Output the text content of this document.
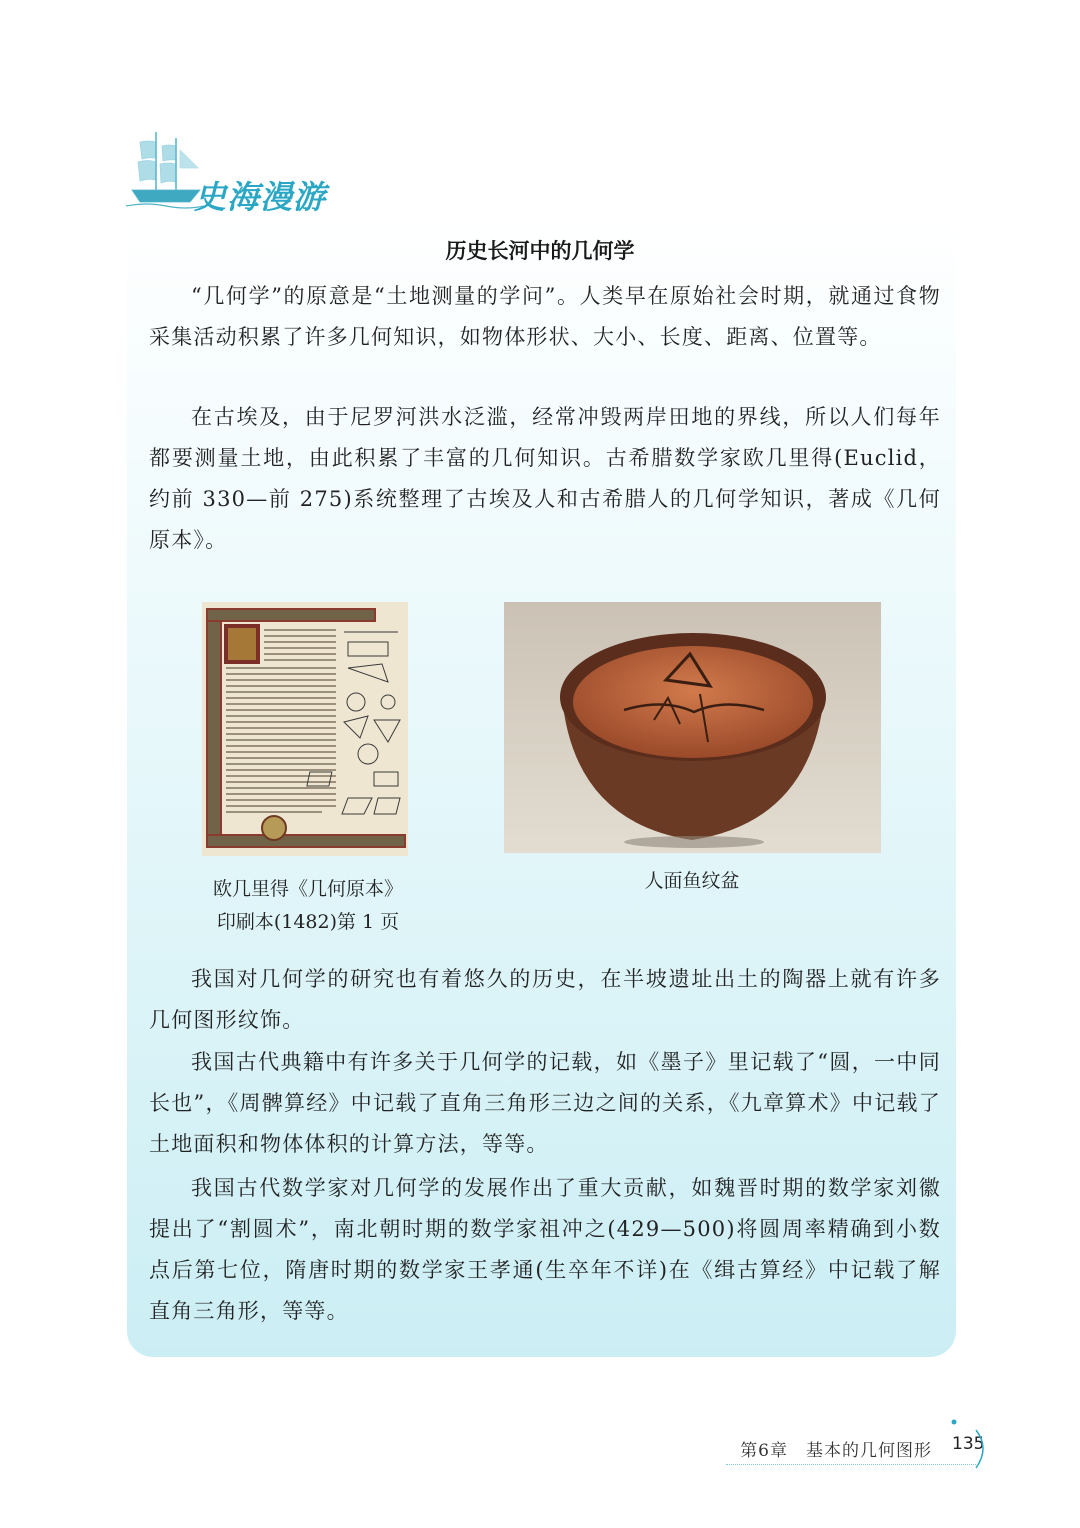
史海漫游
历史长河中的几何学

“几何学”的原意是“土地测量的学问”。人类早在原始社会时期，就通过食物采集活动积累了许多几何知识，如物体形状、大小、长度、距离、位置等。

在古埃及，由于尼罗河洪水泛滥，经常冲毁两岸田地的界线，所以人们每年都要测量土地，由此积累了丰富的几何知识。古希腊数学家欧几里得(Euclid，约前 330—前 275)系统整理了古埃及人和古希腊人的几何学知识，著成《几何原本》。

欧几里得《几何原本》
印刷本(1482)第 1 页
人面鱼纹盆

我国对几何学的研究也有着悠久的历史，在半坡遗址出土的陶器上就有许多几何图形纹饰。

我国古代典籍中有许多关于几何学的记载，如《墨子》里记载了“圆，一中同长也”，《周髀算经》中记载了直角三角形三边之间的关系，《九章算术》中记载了土地面积和物体体积的计算方法，等等。

我国古代数学家对几何学的发展作出了重大贡献，如魏晋时期的数学家刘徽提出了“割圆术”，南北朝时期的数学家祖冲之(429—500)将圆周率精确到小数点后第七位，隋唐时期的数学家王孝通(生卒年不详)在《缉古算经》中记载了解直角三角形，等等。

第6章　基本的几何图形 135
